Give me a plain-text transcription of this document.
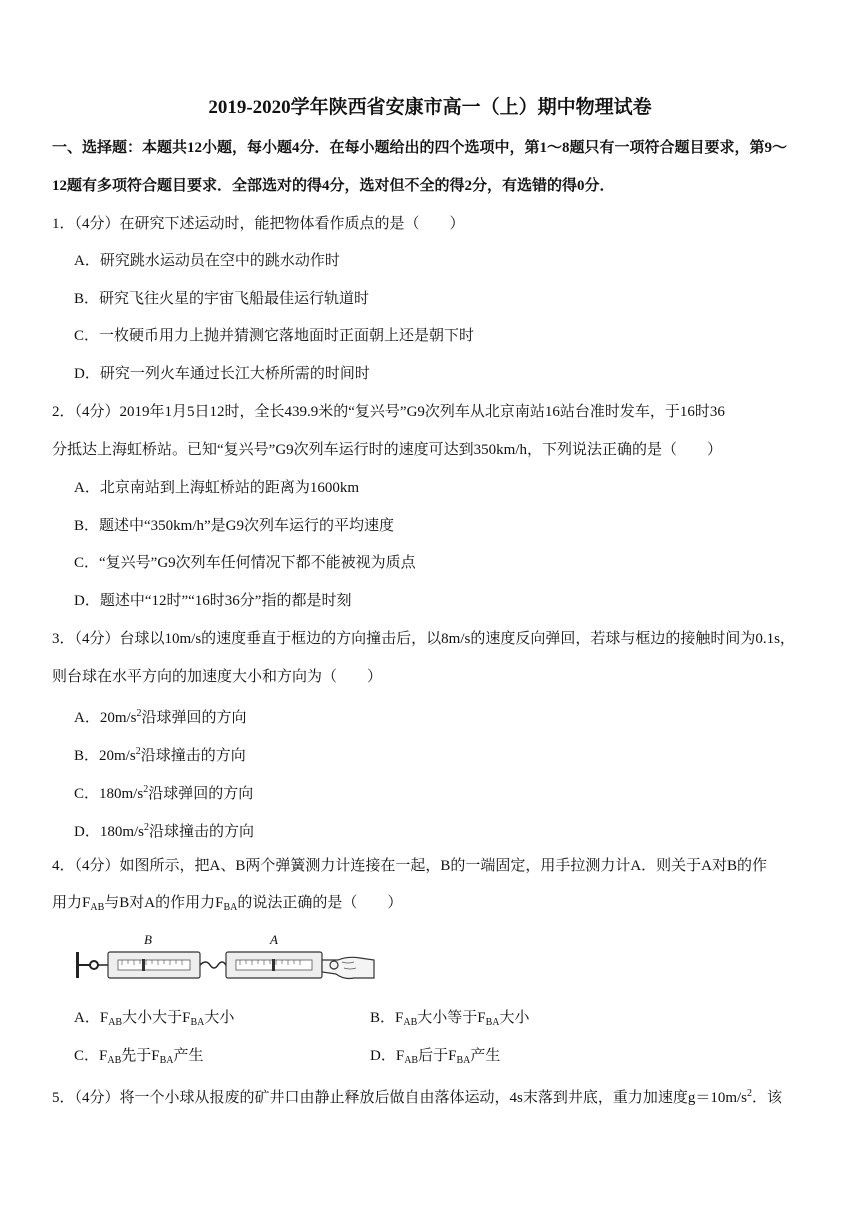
2019-2020学年陕西省安康市高一（上）期中物理试卷
一、选择题：本题共12小题，每小题4分．在每小题给出的四个选项中，第1～8题只有一项符合题目要求，第9～
12题有多项符合题目要求．全部选对的得4分，选对但不全的得2分，有选错的得0分．
1．（4分）在研究下述运动时，能把物体看作质点的是（　　）
A．研究跳水运动员在空中的跳水动作时
B．研究飞往火星的宇宙飞船最佳运行轨道时
C．一枚硬币用力上抛并猜测它落地面时正面朝上还是朝下时
D．研究一列火车通过长江大桥所需的时间时
2．（4分）2019年1月5日12时，全长439.9米的“复兴号”G9次列车从北京南站16站台准时发车，于16时36
分抵达上海虹桥站。已知“复兴号”G9次列车运行时的速度可达到350km/h，下列说法正确的是（　　）
A．北京南站到上海虹桥站的距离为1600km
B．题述中“350km/h”是G9次列车运行的平均速度
C．“复兴号”G9次列车任何情况下都不能被视为质点
D．题述中“12时”“16时36分”指的都是时刻
3．（4分）台球以10m/s的速度垂直于框边的方向撞击后，以8m/s的速度反向弹回，若球与框边的接触时间为0.1s，
则台球在水平方向的加速度大小和方向为（　　）
A．$20m/s^2$沿球弹回的方向
B．$20m/s^2$沿球撞击的方向
C．$180m/s^2$沿球弹回的方向
D．$180m/s^2$沿球撞击的方向
4．（4分）如图所示，把A、B两个弹簧测力计连接在一起，B的一端固定，用手拉测力计A．则关于A对B的作
用力$F_{AB}$与B对A的作用力$F_{BA}$的说法正确的是（　　）
B	A
A．$F_{AB}$大小大于$F_{BA}$大小	B．$F_{AB}$大小等于$F_{BA}$大小
C．$F_{AB}$先于$F_{BA}$产生	D．$F_{AB}$后于$F_{BA}$产生
5．（4分）将一个小球从报废的矿井口由静止释放后做自由落体运动，4s末落到井底，重力加速度$g=10m/s^2$．该
